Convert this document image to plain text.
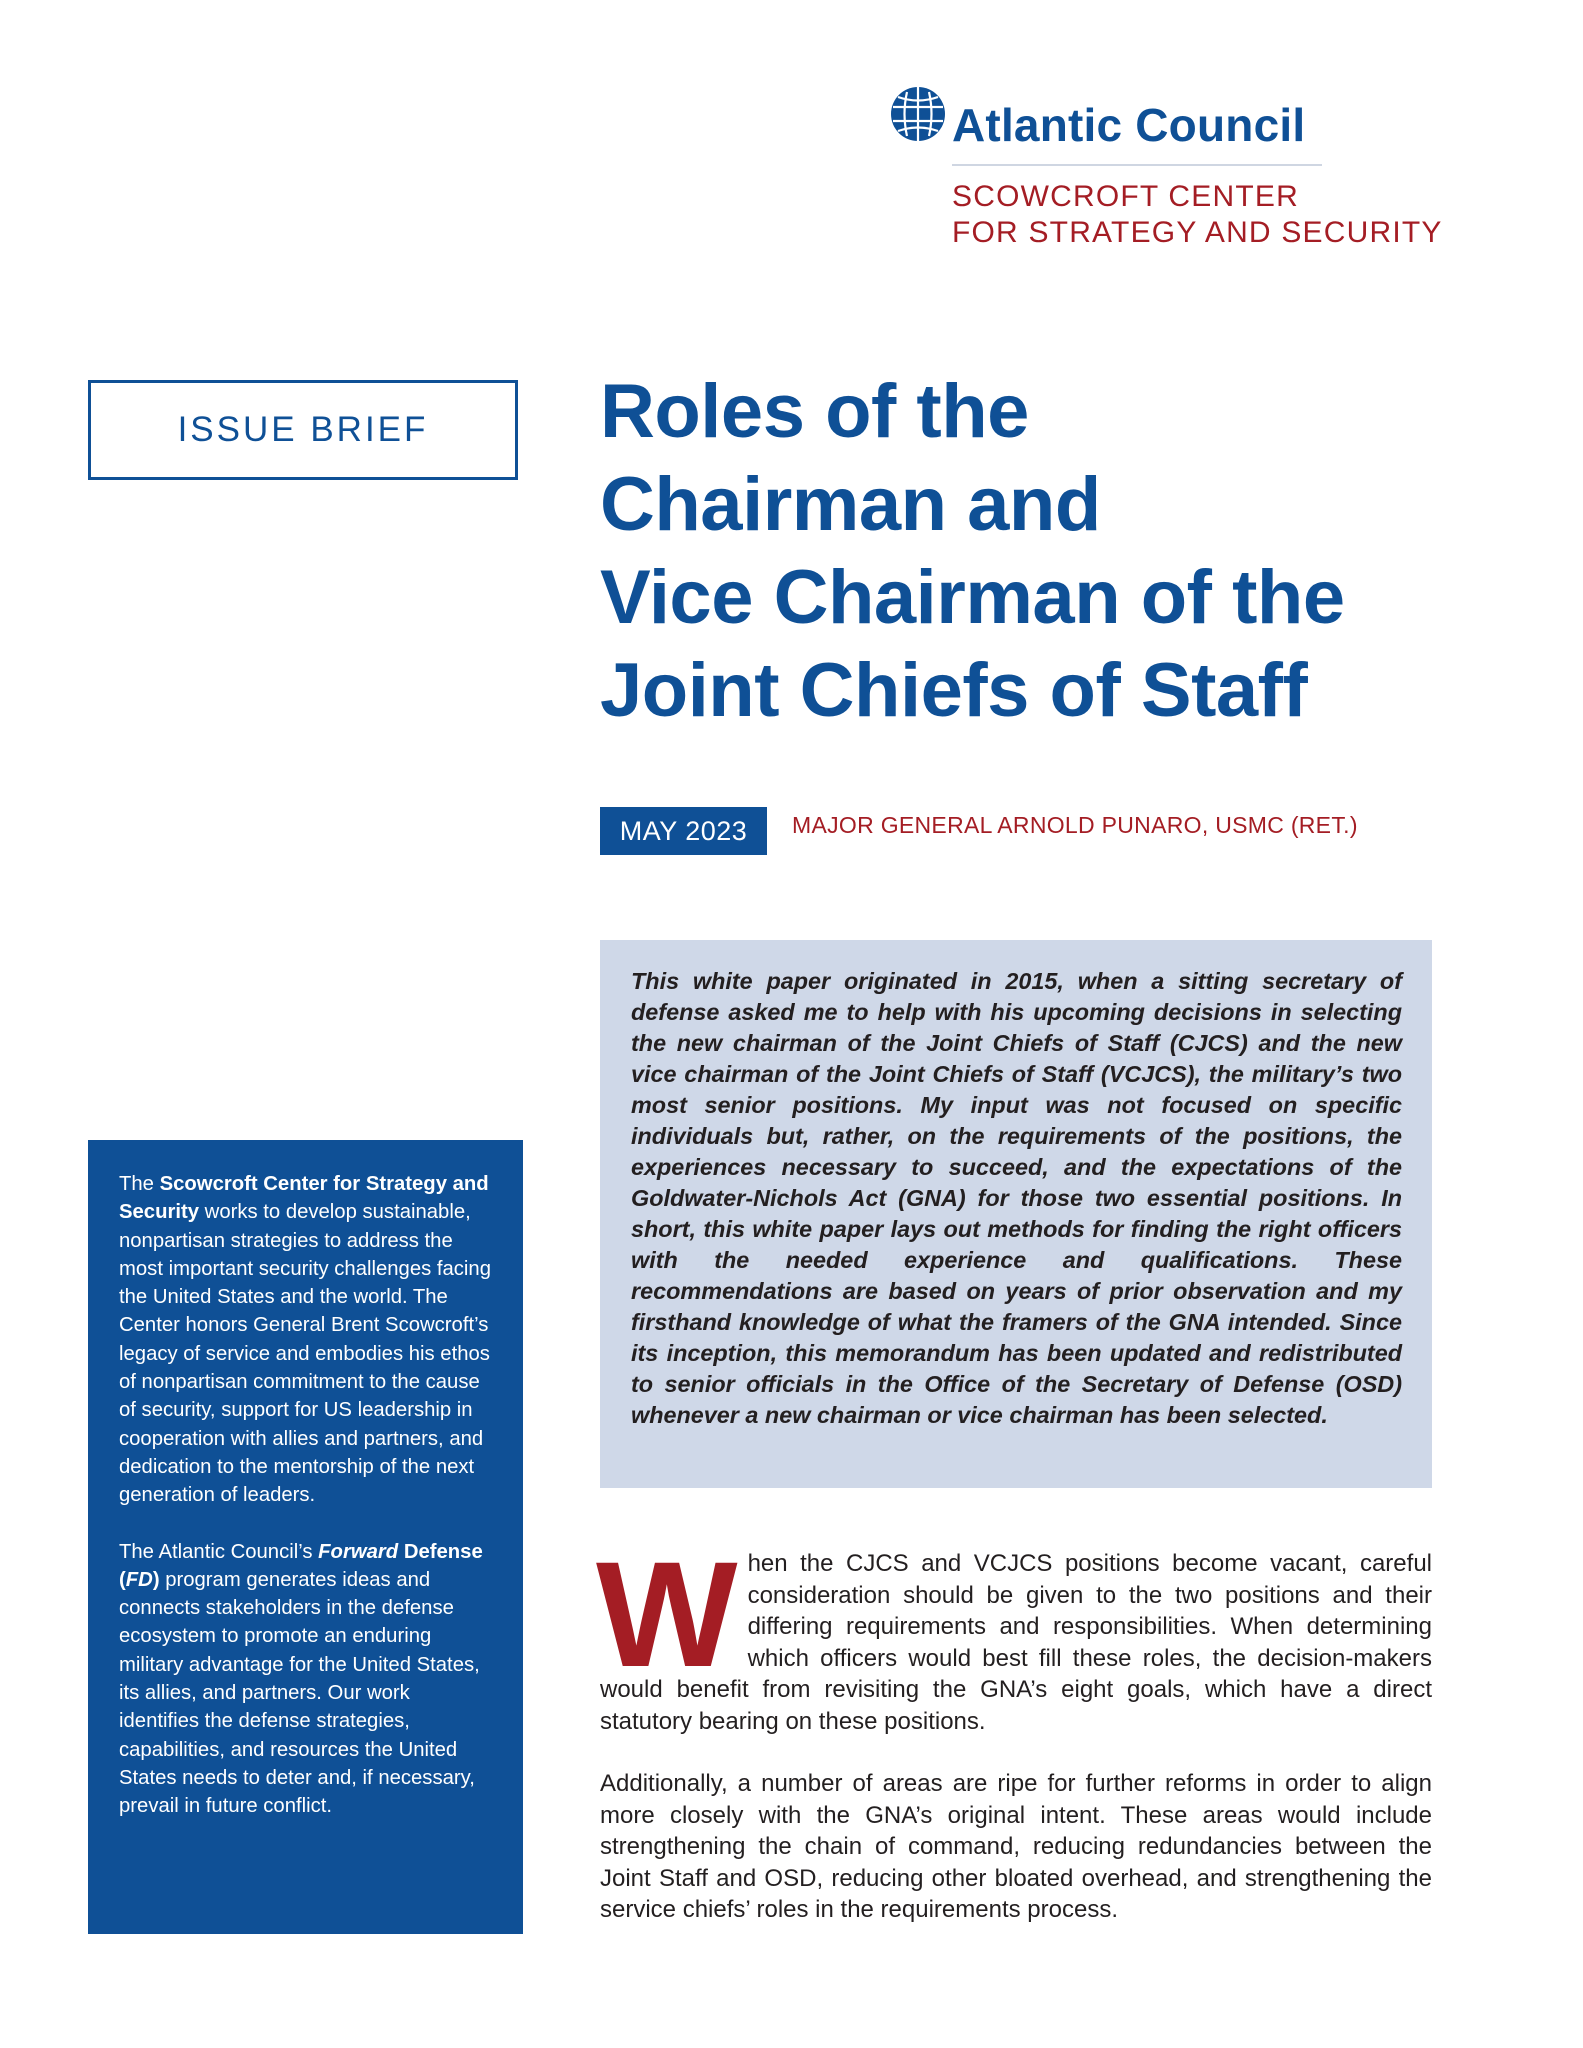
Atlantic Council

SCOWCROFT CENTER

FOR STRATEGY AND SECURITY

ISSUE BRIEF Roles of the
Chairman and
Vice Chairman of the
Joint Chiefs of Staff
MAY 2023	MAJOR GENERAL ARNOLD PUNARO, USMC (RET.)

This white paper originated in 2015, when a sitting secretary of defense asked me to help with his upcoming decisions in selecting the new chairman of the Joint Chiefs of Staff (CJCS) and the new vice chairman of the Joint Chiefs of Staff (VCJCS), the military’s two most senior positions. My input was not focused on specific individuals but, rather, on the requirements of the positions, the experiences necessary to succeed, and the expectations of the Goldwater-Nichols Act (GNA) for those two essential positions. In short, this white paper lays out methods for finding the right officers with the needed experience and qualifications. These recommendations are based on years of prior observation and my firsthand knowledge of what the framers of the GNA intended. Since its inception, this memorandum has been updated and redistributed to senior officials in the Office of the Secretary of Defense (OSD) whenever a new chairman or vice chairman has been selected.

The Scowcroft Center for Strategy and Security works to develop sustainable, nonpartisan strategies to address the most important security challenges facing the United States and the world. The Center honors General Brent Scowcroft’s legacy of service and embodies his ethos of nonpartisan commitment to the cause of security, support for US leadership in cooperation with allies and partners, and dedication to the mentorship of the next generation of leaders.

The Atlantic Council’s Forward Defense (FD) program generates ideas and connects stakeholders in the defense ecosystem to promote an enduring military advantage for the United States, its allies, and partners. Our work identifies the defense strategies, capabilities, and resources the United States needs to deter and, if necessary, prevail in future conflict.

When the CJCS and VCJCS positions become vacant, careful consideration should be given to the two positions and their differing requirements and responsibilities. When determining which officers would best fill these roles, the decision-makers would benefit from revisiting the GNA’s eight goals, which have a direct statutory bearing on these positions.

Additionally, a number of areas are ripe for further reforms in order to align more closely with the GNA’s original intent. These areas would include strengthening the chain of command, reducing redundancies between the Joint Staff and OSD, reducing other bloated overhead, and strengthening the service chiefs’ roles in the requirements process.
